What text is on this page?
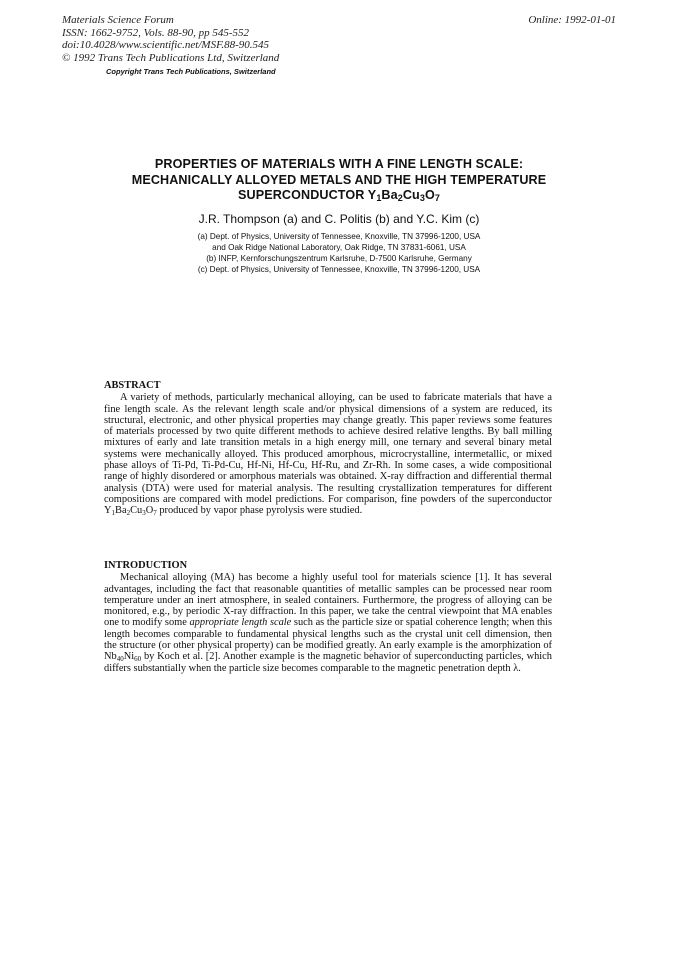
Materials Science Forum
ISSN: 1662-9752, Vols. 88-90, pp 545-552
doi:10.4028/www.scientific.net/MSF.88-90.545
© 1992 Trans Tech Publications Ltd, Switzerland
Online: 1992-01-01
Copyright Trans Tech Publications, Switzerland
PROPERTIES OF MATERIALS WITH A FINE LENGTH SCALE:
MECHANICALLY ALLOYED METALS AND THE HIGH TEMPERATURE
SUPERCONDUCTOR $Y_1Ba_2Cu_3O_7$
J.R. Thompson (a) and C. Politis (b) and Y.C. Kim (c)
(a) Dept. of Physics, University of Tennessee, Knoxville, TN 37996-1200, USA
and Oak Ridge National Laboratory, Oak Ridge, TN 37831-6061, USA
(b) INFP, Kernforschungszentrum Karlsruhe, D-7500 Karlsruhe, Germany
(c) Dept. of Physics, University of Tennessee, Knoxville, TN 37996-1200, USA
ABSTRACT

A variety of methods, particularly mechanical alloying, can be used to fabricate materials that have a fine length scale. As the relevant length scale and/or physical dimensions of a system are reduced, its structural, electronic, and other physical properties may change greatly. This paper reviews some features of materials processed by two quite different methods to achieve desired relative lengths. By ball milling mixtures of early and late transition metals in a high energy mill, one ternary and several binary metal systems were mechanically alloyed. This produced amorphous, microcrystalline, intermetallic, or mixed phase alloys of Ti-Pd, Ti-Pd-Cu, Hf-Ni, Hf-Cu, Hf-Ru, and Zr-Rh. In some cases, a wide compositional range of highly disordered or amorphous materials was obtained. X-ray diffraction and differential thermal analysis (DTA) were used for material analysis. The resulting crystallization temperatures for different compositions are compared with model predictions. For comparison, fine powders of the superconductor $Y_1Ba_2Cu_3O_7$ produced by vapor phase pyrolysis were studied.

INTRODUCTION

Mechanical alloying (MA) has become a highly useful tool for materials science [1]. It has several advantages, including the fact that reasonable quantities of metallic samples can be processed near room temperature under an inert atmosphere, in sealed containers. Furthermore, the progress of alloying can be monitored, e.g., by periodic X-ray diffraction. In this paper, we take the central viewpoint that MA enables one to modify some appropriate length scale such as the particle size or spatial coherence length; when this length becomes comparable to fundamental physical lengths such as the crystal unit cell dimension, then the structure (or other physical property) can be modified greatly. An early example is the amorphization of $Nb_{40}Ni_{60}$ by Koch et al. [2]. Another example is the magnetic behavior of superconducting particles, which differs substantially when the particle size becomes comparable to the magnetic penetration depth λ.
